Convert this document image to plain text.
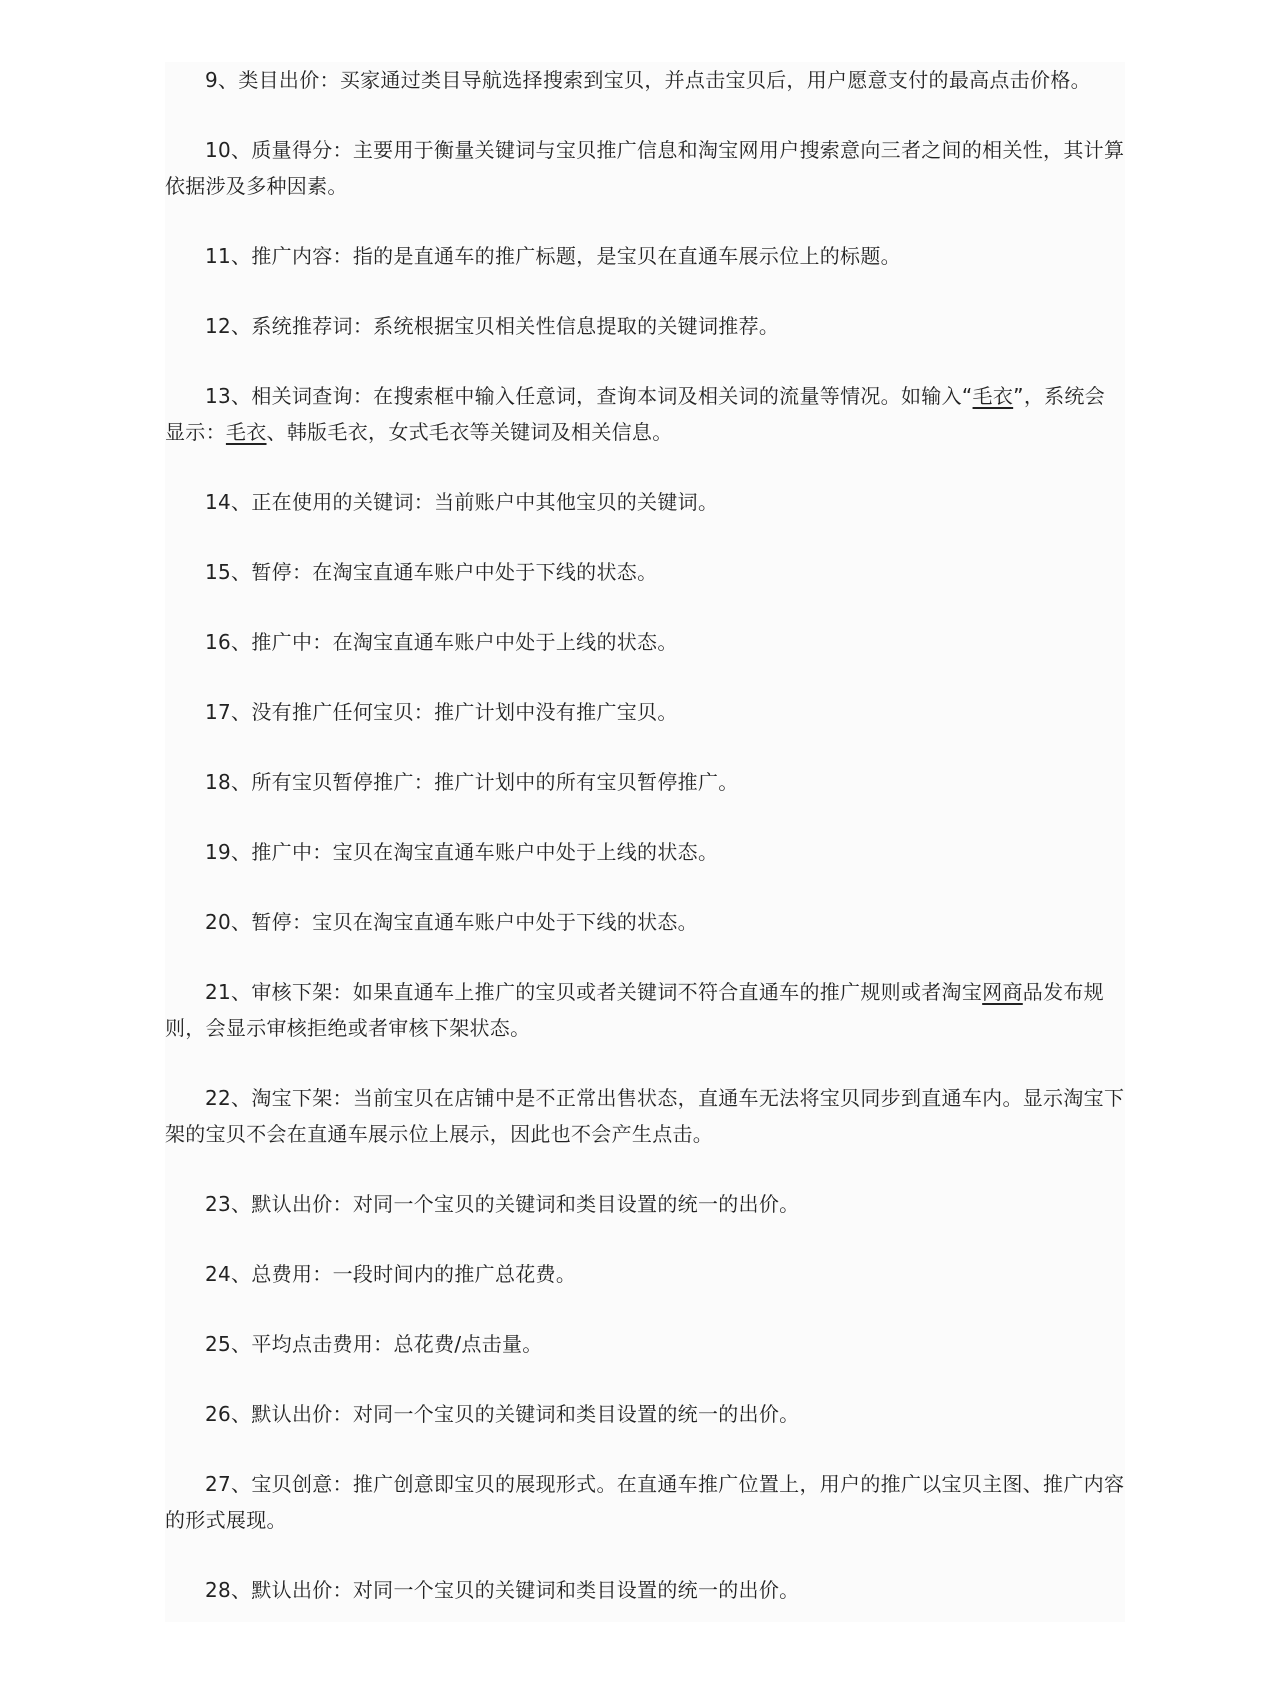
9、类目出价：买家通过类目导航选择搜索到宝贝，并点击宝贝后，用户愿意支付的最高点击价格。

10、质量得分：主要用于衡量关键词与宝贝推广信息和淘宝网用户搜索意向三者之间的相关性，其计算依据涉及多种因素。

11、推广内容：指的是直通车的推广标题，是宝贝在直通车展示位上的标题。

12、系统推荐词：系统根据宝贝相关性信息提取的关键词推荐。

13、相关词查询：在搜索框中输入任意词，查询本词及相关词的流量等情况。如输入“毛衣”，系统会显示：毛衣、韩版毛衣，女式毛衣等关键词及相关信息。

14、正在使用的关键词：当前账户中其他宝贝的关键词。

15、暂停：在淘宝直通车账户中处于下线的状态。

16、推广中：在淘宝直通车账户中处于上线的状态。

17、没有推广任何宝贝：推广计划中没有推广宝贝。

18、所有宝贝暂停推广：推广计划中的所有宝贝暂停推广。

19、推广中：宝贝在淘宝直通车账户中处于上线的状态。

20、暂停：宝贝在淘宝直通车账户中处于下线的状态。

21、审核下架：如果直通车上推广的宝贝或者关键词不符合直通车的推广规则或者淘宝网商品发布规则，会显示审核拒绝或者审核下架状态。

22、淘宝下架：当前宝贝在店铺中是不正常出售状态，直通车无法将宝贝同步到直通车内。显示淘宝下架的宝贝不会在直通车展示位上展示，因此也不会产生点击。

23、默认出价：对同一个宝贝的关键词和类目设置的统一的出价。

24、总费用：一段时间内的推广总花费。

25、平均点击费用：总花费/点击量。

26、默认出价：对同一个宝贝的关键词和类目设置的统一的出价。

27、宝贝创意：推广创意即宝贝的展现形式。在直通车推广位置上，用户的推广以宝贝主图、推广内容的形式展现。

28、默认出价：对同一个宝贝的关键词和类目设置的统一的出价。
